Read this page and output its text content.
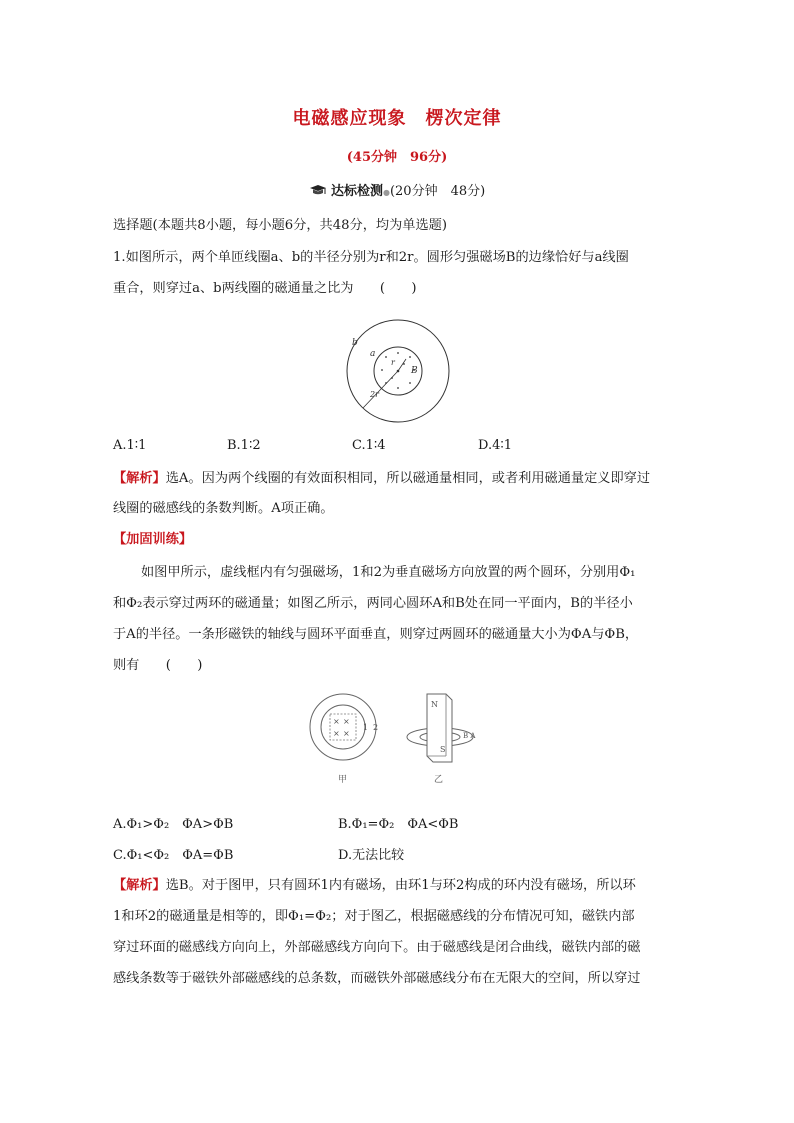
电磁感应现象　楞次定律
(45分钟　96分)
达标检测●(20分钟　48分)
选择题(本题共8小题，每小题6分，共48分，均为单选题)
1.如图所示，两个单匝线圈a、b的半径分别为r和2r。圆形匀强磁场B的边缘恰好与a线圈
重合，则穿过a、b两线圈的磁通量之比为　　(　　)
b
a
r
B
2r
A.1∶1	B.1∶2	C.1∶4	D.4∶1
【解析】选A。因为两个线圈的有效面积相同，所以磁通量相同，或者利用磁通量定义即穿过
线圈的磁感线的条数判断。A项正确。
【加固训练】
如图甲所示，虚线框内有匀强磁场，1和2为垂直磁场方向放置的两个圆环，分别用Φ₁
和Φ₂表示穿过两环的磁通量；如图乙所示，两同心圆环A和B处在同一平面内，B的半径小
于A的半径。一条形磁铁的轴线与圆环平面垂直，则穿过两圆环的磁通量大小为ΦA与ΦB，
则有　　(　　)
× ×
× ×
1 2
甲
N
S
B A
乙
A.Φ₁>Φ₂　ΦA>ΦB	B.Φ₁=Φ₂　ΦA<ΦB
C.Φ₁<Φ₂　ΦA=ΦB	D.无法比较
【解析】选B。对于图甲，只有圆环1内有磁场，由环1与环2构成的环内没有磁场，所以环
1和环2的磁通量是相等的，即Φ₁=Φ₂；对于图乙，根据磁感线的分布情况可知，磁铁内部
穿过环面的磁感线方向向上，外部磁感线方向向下。由于磁感线是闭合曲线，磁铁内部的磁
感线条数等于磁铁外部磁感线的总条数，而磁铁外部磁感线分布在无限大的空间，所以穿过
